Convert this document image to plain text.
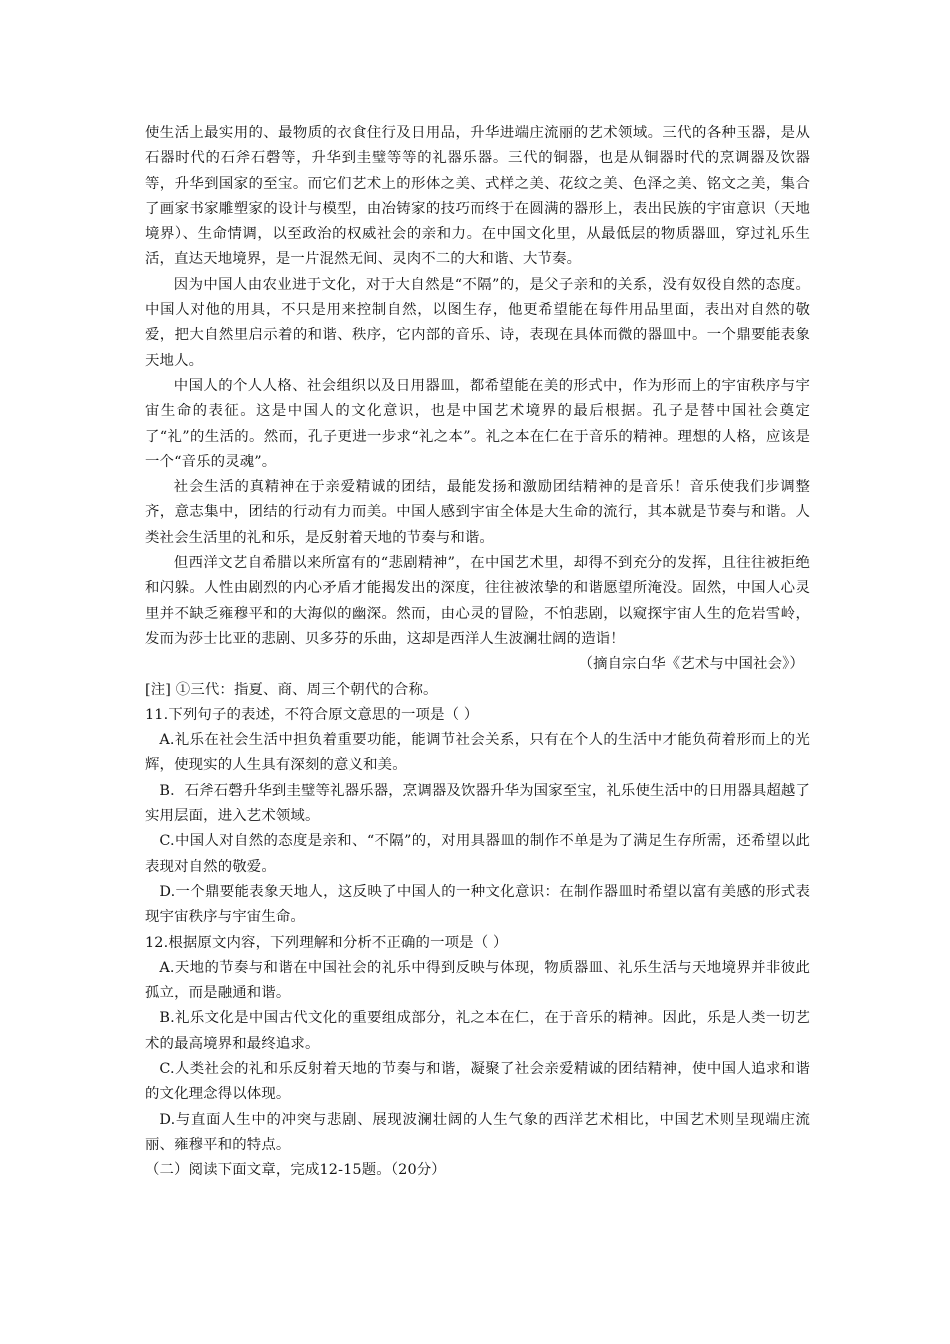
使生活上最实用的、最物质的衣食住行及日用品，升华进端庄流丽的艺术领域。三代的各种玉器，是从石器时代的石斧石磬等，升华到圭璧等等的礼器乐器。三代的铜器，也是从铜器时代的烹调器及饮器等，升华到国家的至宝。而它们艺术上的形体之美、式样之美、花纹之美、色泽之美、铭文之美，集合了画家书家雕塑家的设计与模型，由冶铸家的技巧而终于在圆满的器形上，表出民族的宇宙意识（天地境界）、生命情调，以至政治的权威社会的亲和力。在中国文化里，从最低层的物质器皿，穿过礼乐生活，直达天地境界，是一片混然无间、灵肉不二的大和谐、大节奏。

因为中国人由农业进于文化，对于大自然是“不隔”的，是父子亲和的关系，没有奴役自然的态度。中国人对他的用具，不只是用来控制自然，以图生存，他更希望能在每件用品里面，表出对自然的敬爱，把大自然里启示着的和谐、秩序，它内部的音乐、诗，表现在具体而微的器皿中。一个鼎要能表象天地人。

中国人的个人人格、社会组织以及日用器皿，都希望能在美的形式中，作为形而上的宇宙秩序与宇宙生命的表征。这是中国人的文化意识，也是中国艺术境界的最后根据。孔子是替中国社会奠定了“礼”的生活的。然而，孔子更进一步求“礼之本”。礼之本在仁在于音乐的精神。理想的人格，应该是一个“音乐的灵魂”。

社会生活的真精神在于亲爱精诚的团结，最能发扬和激励团结精神的是音乐！音乐使我们步调整齐，意志集中，团结的行动有力而美。中国人感到宇宙全体是大生命的流行，其本就是节奏与和谐。人类社会生活里的礼和乐，是反射着天地的节奏与和谐。

但西洋文艺自希腊以来所富有的“悲剧精神”，在中国艺术里，却得不到充分的发挥，且往往被拒绝和闪躲。人性由剧烈的内心矛盾才能揭发出的深度，往往被浓挚的和谐愿望所淹没。固然，中国人心灵里并不缺乏雍穆平和的大海似的幽深。然而，由心灵的冒险，不怕悲剧，以窥探宇宙人生的危岩雪岭，发而为莎士比亚的悲剧、贝多芬的乐曲，这却是西洋人生波澜壮阔的造诣！

（摘自宗白华《艺术与中国社会》）

[注] ①三代：指夏、商、周三个朝代的合称。

11.下列句子的表述，不符合原文意思的一项是（ ）

A.礼乐在社会生活中担负着重要功能，能调节社会关系，只有在个人的生活中才能负荷着形而上的光辉，使现实的人生具有深刻的意义和美。

B．石斧石磬升华到圭璧等礼器乐器，烹调器及饮器升华为国家至宝，礼乐使生活中的日用器具超越了实用层面，进入艺术领域。

C.中国人对自然的态度是亲和、“不隔”的，对用具器皿的制作不单是为了满足生存所需，还希望以此表现对自然的敬爱。

D.一个鼎要能表象天地人，这反映了中国人的一种文化意识：在制作器皿时希望以富有美感的形式表现宇宙秩序与宇宙生命。

12.根据原文内容，下列理解和分析不正确的一项是（ ）

A.天地的节奏与和谐在中国社会的礼乐中得到反映与体现，物质器皿、礼乐生活与天地境界并非彼此孤立，而是融通和谐。

B.礼乐文化是中国古代文化的重要组成部分，礼之本在仁，在于音乐的精神。因此，乐是人类一切艺术的最高境界和最终追求。

C.人类社会的礼和乐反射着天地的节奏与和谐，凝聚了社会亲爱精诚的团结精神，使中国人追求和谐的文化理念得以体现。

D.与直面人生中的冲突与悲剧、展现波澜壮阔的人生气象的西洋艺术相比，中国艺术则呈现端庄流丽、雍穆平和的特点。

（二）阅读下面文章，完成12-15题。（20分）
